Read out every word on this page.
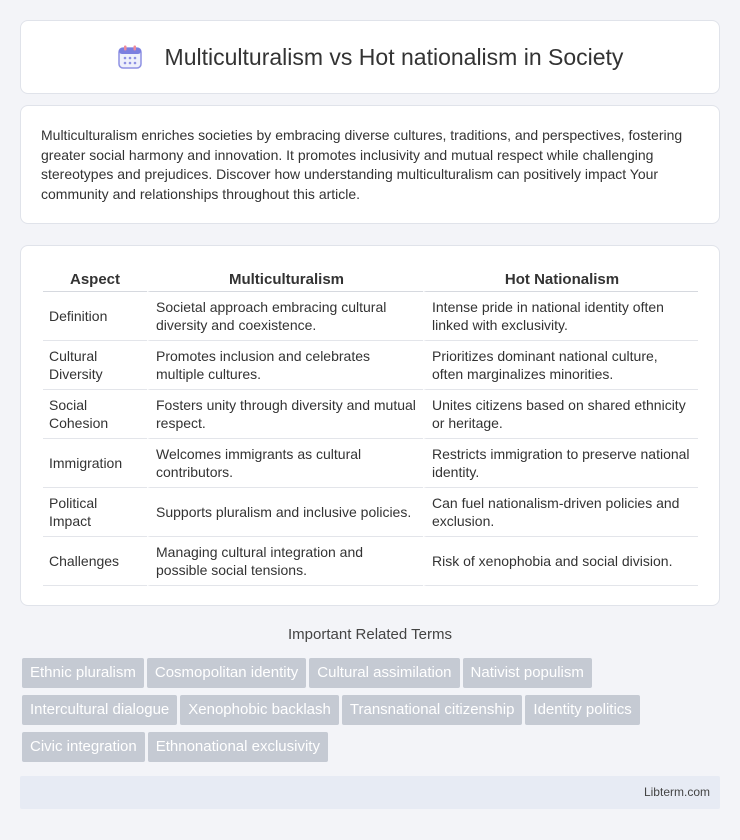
Multiculturalism vs Hot nationalism in Society

Multiculturalism enriches societies by embracing diverse cultures, traditions, and perspectives, fostering greater social harmony and innovation. It promotes inclusivity and mutual respect while challenging stereotypes and prejudices. Discover how understanding multiculturalism can positively impact Your community and relationships throughout this article.

Aspect	Multiculturalism	Hot Nationalism
Definition	Societal approach embracing cultural diversity and coexistence.	Intense pride in national identity often linked with exclusivity.
Cultural Diversity	Promotes inclusion and celebrates multiple cultures.	Prioritizes dominant national culture, often marginalizes minorities.
Social Cohesion	Fosters unity through diversity and mutual respect.	Unites citizens based on shared ethnicity or heritage.
Immigration	Welcomes immigrants as cultural contributors.	Restricts immigration to preserve national identity.
Political Impact	Supports pluralism and inclusive policies.	Can fuel nationalism-driven policies and exclusion.
Challenges	Managing cultural integration and possible social tensions.	Risk of xenophobia and social division.
Important Related Terms
Ethnic pluralism Cosmopolitan identity Cultural assimilation Nativist populismIntercultural dialogue Xenophobic backlash Transnational citizenship Identity politicsCivic integration Ethnonational exclusivity
Libterm.com
